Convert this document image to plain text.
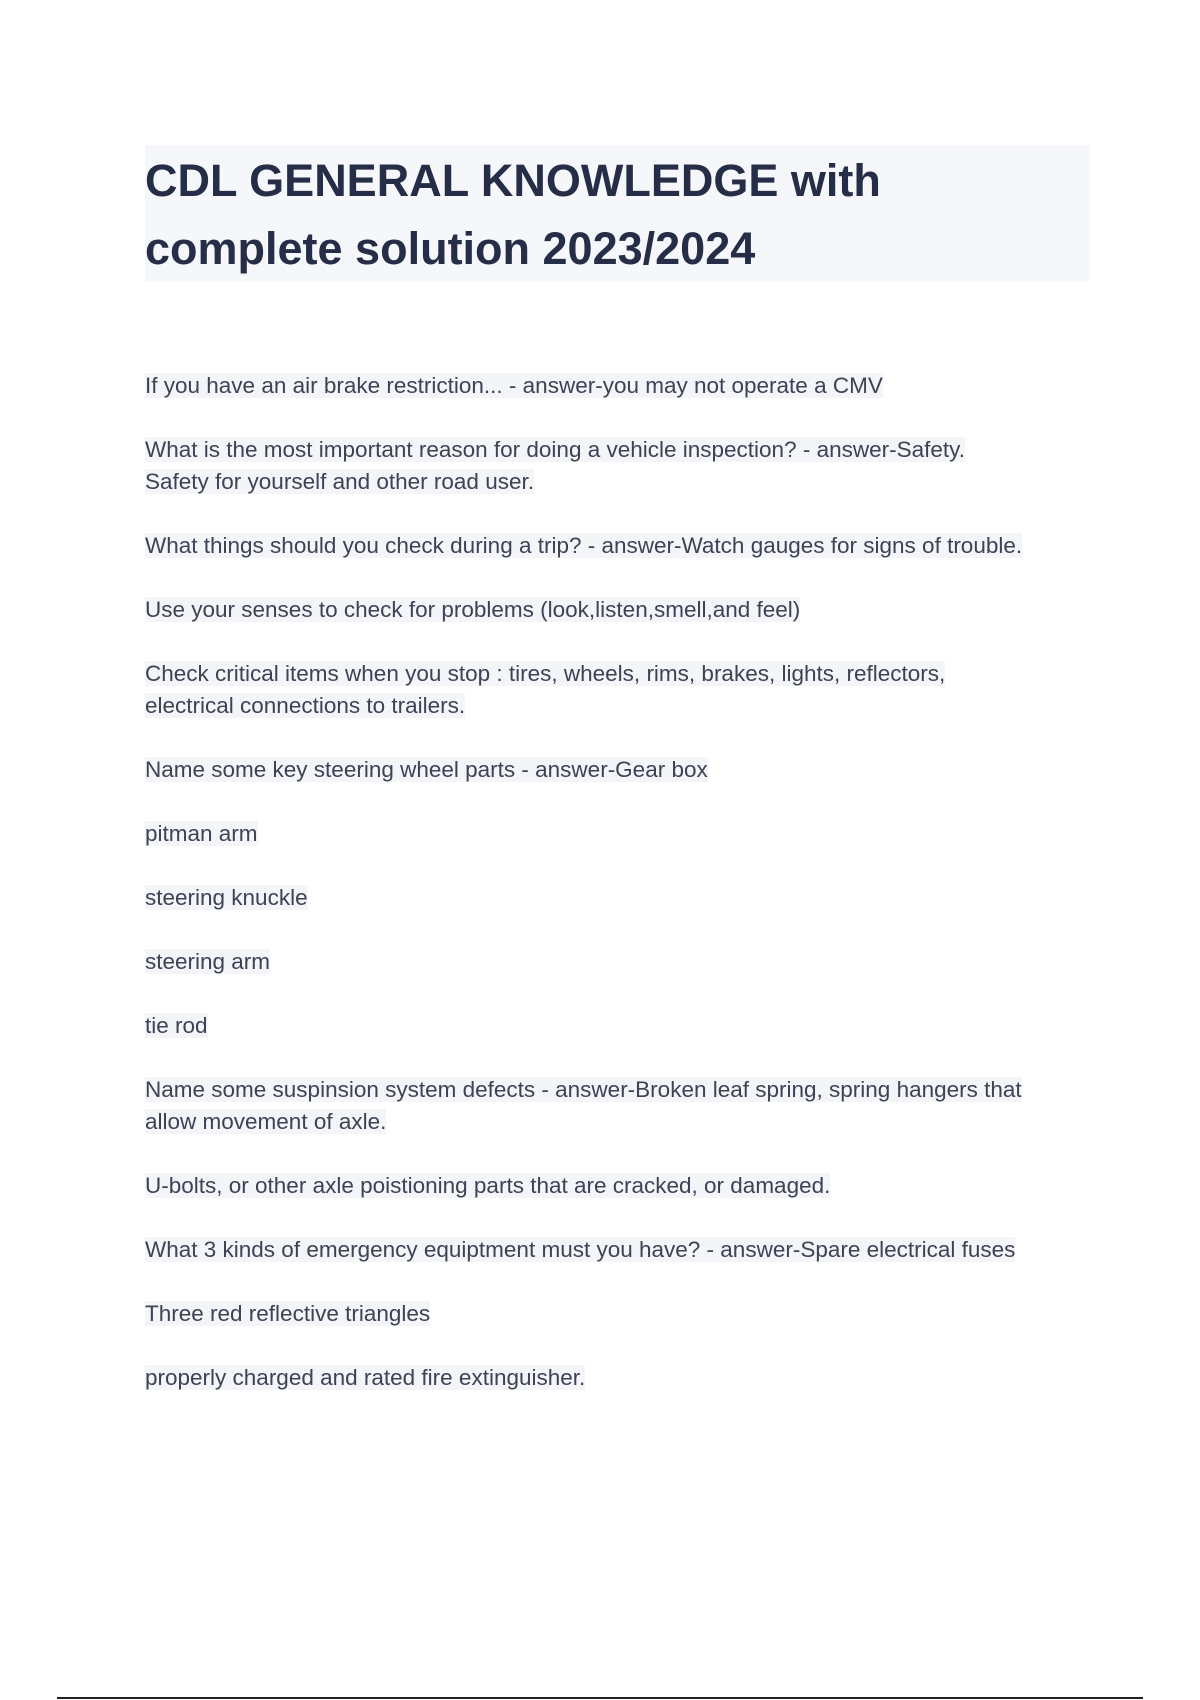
CDL GENERAL KNOWLEDGE with
complete solution 2023/2024
If you have an air brake restriction... - answer-you may not operate a CMV
What is the most important reason for doing a vehicle inspection? - answer-Safety.
Safety for yourself and other road user.
What things should you check during a trip? - answer-Watch gauges for signs of trouble.
Use your senses to check for problems (look,listen,smell,and feel)
Check critical items when you stop : tires, wheels, rims, brakes, lights, reflectors,
electrical connections to trailers.
Name some key steering wheel parts - answer-Gear box
pitman arm
steering knuckle
steering arm
tie rod
Name some suspinsion system defects - answer-Broken leaf spring, spring hangers that
allow movement of axle.
U-bolts, or other axle poistioning parts that are cracked, or damaged.
What 3 kinds of emergency equiptment must you have? - answer-Spare electrical fuses
Three red reflective triangles
properly charged and rated fire extinguisher.
